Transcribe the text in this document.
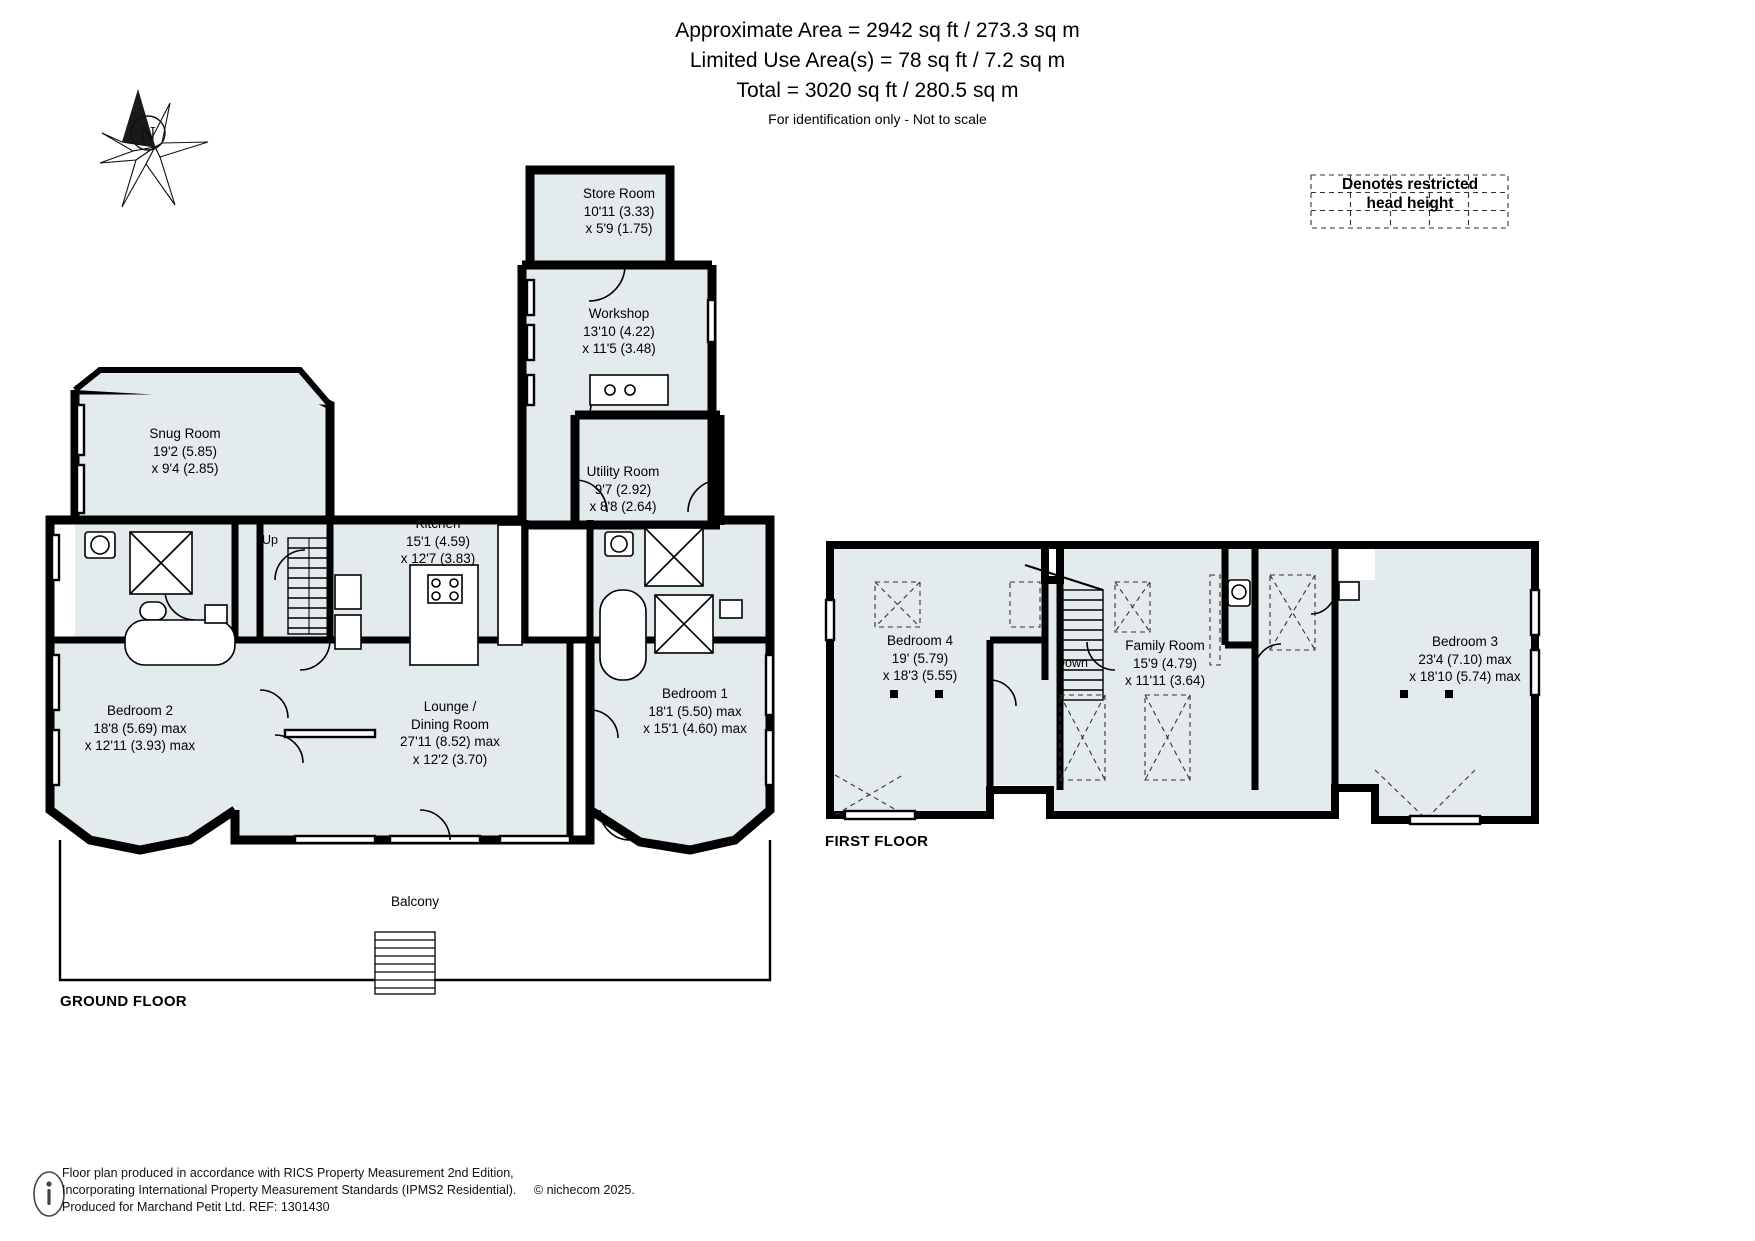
Approximate Area = 2942 sq ft / 273.3 sq m
Limited Use Area(s) = 78 sq ft / 7.2 sq m
Total = 3020 sq ft / 280.5 sq m
For identification only - Not to scale
N
Denotes restricted
head height
Store Room
10'11 (3.33)
x 5'9 (1.75)
Workshop
13'10 (4.22)
x 11'5 (3.48)
Utility Room
9'7 (2.92)
x 8'8 (2.64)
Snug Room
19'2 (5.85)
x 9'4 (2.85)
Kitchen
15'1 (4.59)
x 12'7 (3.83)
Bedroom 2
18'8 (5.69) max
x 12'11 (3.93) max
Lounge /
Dining Room
27'11 (8.52) max
x 12'2 (3.70)
Bedroom 1
18'1 (5.50) max
x 15'1 (4.60) max
Balcony
Up
GROUND FLOOR
Bedroom 4
19' (5.79)
x 18'3 (5.55)
Family Room
15'9 (4.79)
x 11'11 (3.64)
Bedroom 3
23'4 (7.10) max
x 18'10 (5.74) max
Down
FIRST FLOOR
Floor plan produced in accordance with RICS Property Measurement 2nd Edition,
Incorporating International Property Measurement Standards (IPMS2 Residential). © nichecom 2025.
Produced for Marchand Petit Ltd. REF: 1301430
